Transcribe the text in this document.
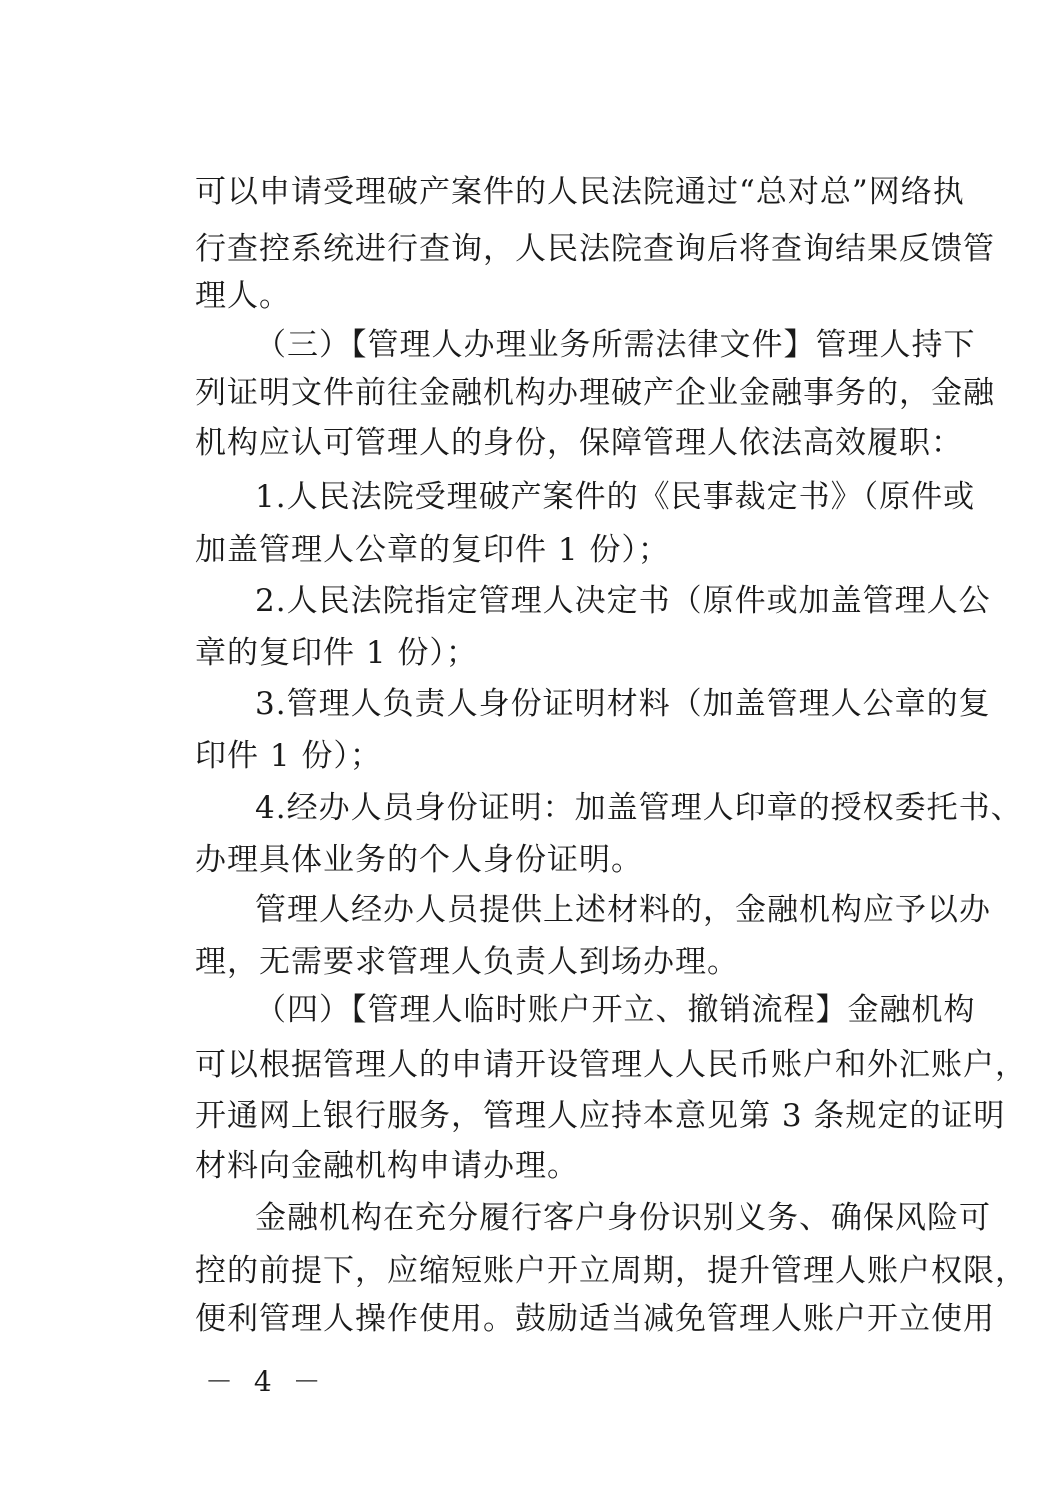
可以申请受理破产案件的人民法院通过“总对总”网络执
行查控系统进行查询，人民法院查询后将查询结果反馈管
理人。
（三）【管理人办理业务所需法律文件】管理人持下
列证明文件前往金融机构办理破产企业金融事务的，金融
机构应认可管理人的身份，保障管理人依法高效履职：
1.人民法院受理破产案件的《民事裁定书》（原件或
加盖管理人公章的复印件 1 份）；
2.人民法院指定管理人决定书（原件或加盖管理人公
章的复印件 1 份）；
3.管理人负责人身份证明材料（加盖管理人公章的复
印件 1 份）；
4.经办人员身份证明：加盖管理人印章的授权委托书、
办理具体业务的个人身份证明。
管理人经办人员提供上述材料的，金融机构应予以办
理，无需要求管理人负责人到场办理。
（四）【管理人临时账户开立、撤销流程】金融机构
可以根据管理人的申请开设管理人人民币账户和外汇账户，
开通网上银行服务，管理人应持本意见第 3 条规定的证明
材料向金融机构申请办理。
金融机构在充分履行客户身份识别义务、确保风险可
控的前提下，应缩短账户开立周期，提升管理人账户权限，
便利管理人操作使用。鼓励适当减免管理人账户开立使用
－ 4 －
